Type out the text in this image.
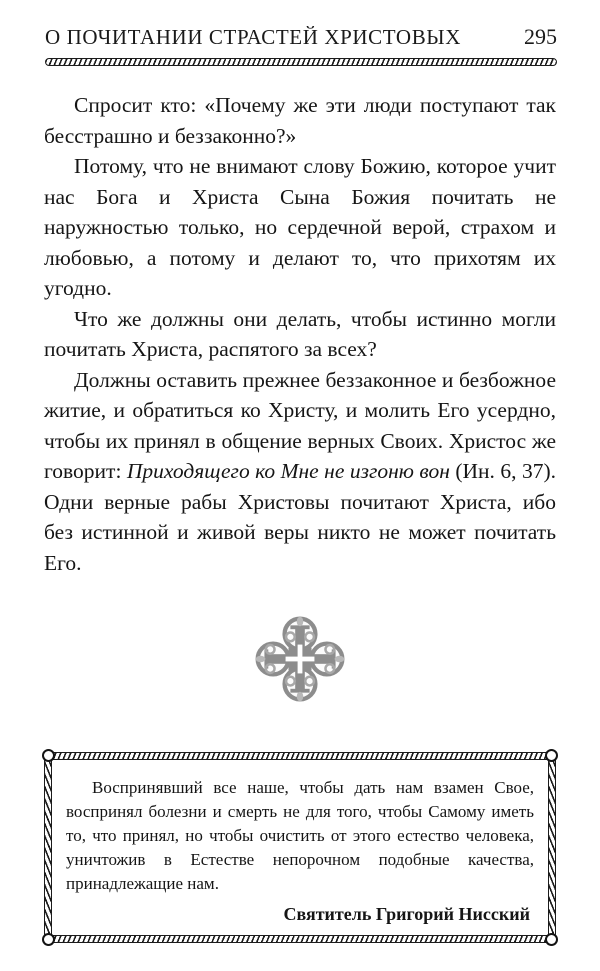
О ПОЧИТАНИИ СТРАСТЕЙ ХРИСТОВЫХ	295

Спросит кто: «Почему же эти люди поступают так бесстрашно и беззаконно?»

Потому, что не внимают слову Божию, которое учит нас Бога и Христа Сына Божия почитать не наружностью только, но сердечной верой, страхом и любовью, а потому и делают то, что прихотям их угодно.

Что же должны они делать, чтобы истинно могли почитать Христа, распятого за всех?

Должны оставить прежнее беззаконное и безбожное житие, и обратиться ко Христу, и молить Его усердно, чтобы их принял в общение верных Своих. Христос же говорит: Приходящего ко Мне не изгоню вон (Ин. 6, 37). Одни верные рабы Христовы почитают Христа, ибо без истинной и живой веры никто не может почитать Его.

Воспринявший все наше, чтобы дать нам взамен Свое, воспринял болезни и смерть не для того, чтобы Самому иметь то, что принял, но чтобы очистить от этого естество человека, уничтожив в Естестве непорочном подобные качества, принадлежащие нам.

Святитель Григорий Нисский
